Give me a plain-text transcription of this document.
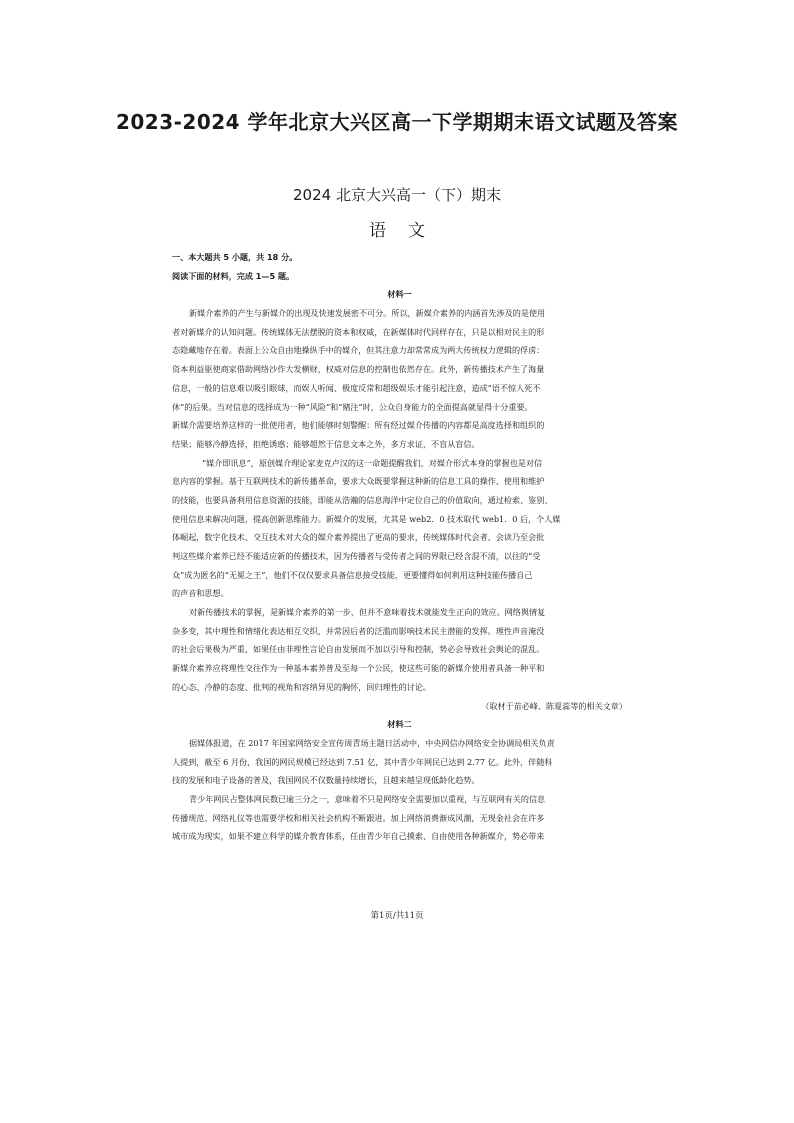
2023-2024 学年北京大兴区高一下学期期末语文试题及答案
2024 北京大兴高一（下）期末
语文
一、本大题共 5 小题，共 18 分。
阅读下面的材料，完成 1—5 题。
材料一
新媒介素养的产生与新媒介的出现及快速发展密不可分。所以，新媒介素养的内涵首先涉及的是使用
者对新媒介的认知问题。传统媒体无法摆脱的资本和权威，在新媒体时代同样存在，只是以相对民主的形
态隐藏地存在着。表面上公众自由地操纵手中的媒介，但其注意力却常常成为两大传统权力逻辑的俘虏：
资本利益驱使商家借助网络沙作大发横财，权威对信息的控制也依然存在。此外，新传播技术产生了海量
信息，一般的信息难以吸引眼球，而娱人听闻、极度反常和超级娱乐才能引起注意，造成“语不惊人死不
休”的后果。当对信息的选择成为一种“风险”和“赌注”时，公众自身能力的全面提高就显得十分重要。
新媒介需要培养这样的一批使用者，他们能够时刻警醒：所有经过媒介传播的内容都是高度选择和组织的
结果；能够冷静选择，拒绝诱惑；能够超然于信息文本之外，多方求证，不盲从盲信。
“媒介即讯息”，原创媒介理论家麦克卢汉的这一命题提醒我们，对媒介形式本身的掌握也是对信
息内容的掌握。基于互联网技术的新传播革命，要求大众既要掌握这种新的信息工具的操作、使用和维护
的技能，也要具备利用信息资源的技能，即能从浩瀚的信息海洋中定位自己的价值取向，通过检索、鉴别、
使用信息来解决问题，提高创新思维能力。新媒介的发展，尤其是 web2．0 技术取代 web1．0 后，个人媒
体崛起，数字化技术、交互技术对大众的媒介素养提出了更高的要求，传统媒体时代会者、会读乃至会批
判这些媒介素养已经不能适应新的传播技术，因为传播者与受传者之间的界限已经含混不清，以往的“受
众”成为匿名的“无冕之王”，他们不仅仅要求具备信息接受技能，更要懂得如何利用这种技能传播自己
的声音和思想。
对新传播技术的掌握，是新媒介素养的第一步，但并不意味着技术就能发生正向的效应。网络舆情复
杂多变，其中理性和情绪化表达相互交织，并常因后者的泛滥而影响技术民主潜能的发挥。理性声音淹没
的社会后果极为严重，如果任由非理性言论自由发展而不加以引导和控制，势必会导致社会舆论的混乱。
新媒介素养应将理性交往作为一种基本素养普及至每一个公民，使这些可能的新媒介使用者具备一种平和
的心态、冷静的态度、批判的视角和容纳异见的胸怀，回归理性的讨论。
（取材于苗必峰、陈夏蕊等的相关文章）
材料二
据媒体报道，在 2017 年国家网络安全宣传周青场主题日活动中，中央网信办网络安全协调局相关负责
人提到，截至 6 月份，我国的网民规模已经达到 7.51 亿，其中青少年网民已达到 2.77 亿。此外，伴随科
技的发展和电子设备的普及，我国网民不仅数量持续增长，且越来越呈现低龄化趋势。
青少年网民占整体网民数已逾三分之一，意味着不只是网络安全需要加以重视，与互联网有关的信息
传播规范、网络礼仪等也需要学校和相关社会机构不断跟进。加上网络消费渐成风潮，无现金社会在许多
城市成为现实，如果不建立科学的媒介教育体系，任由青少年自己摸索、自由使用各种新媒介，势必带来
第1页/共11页
